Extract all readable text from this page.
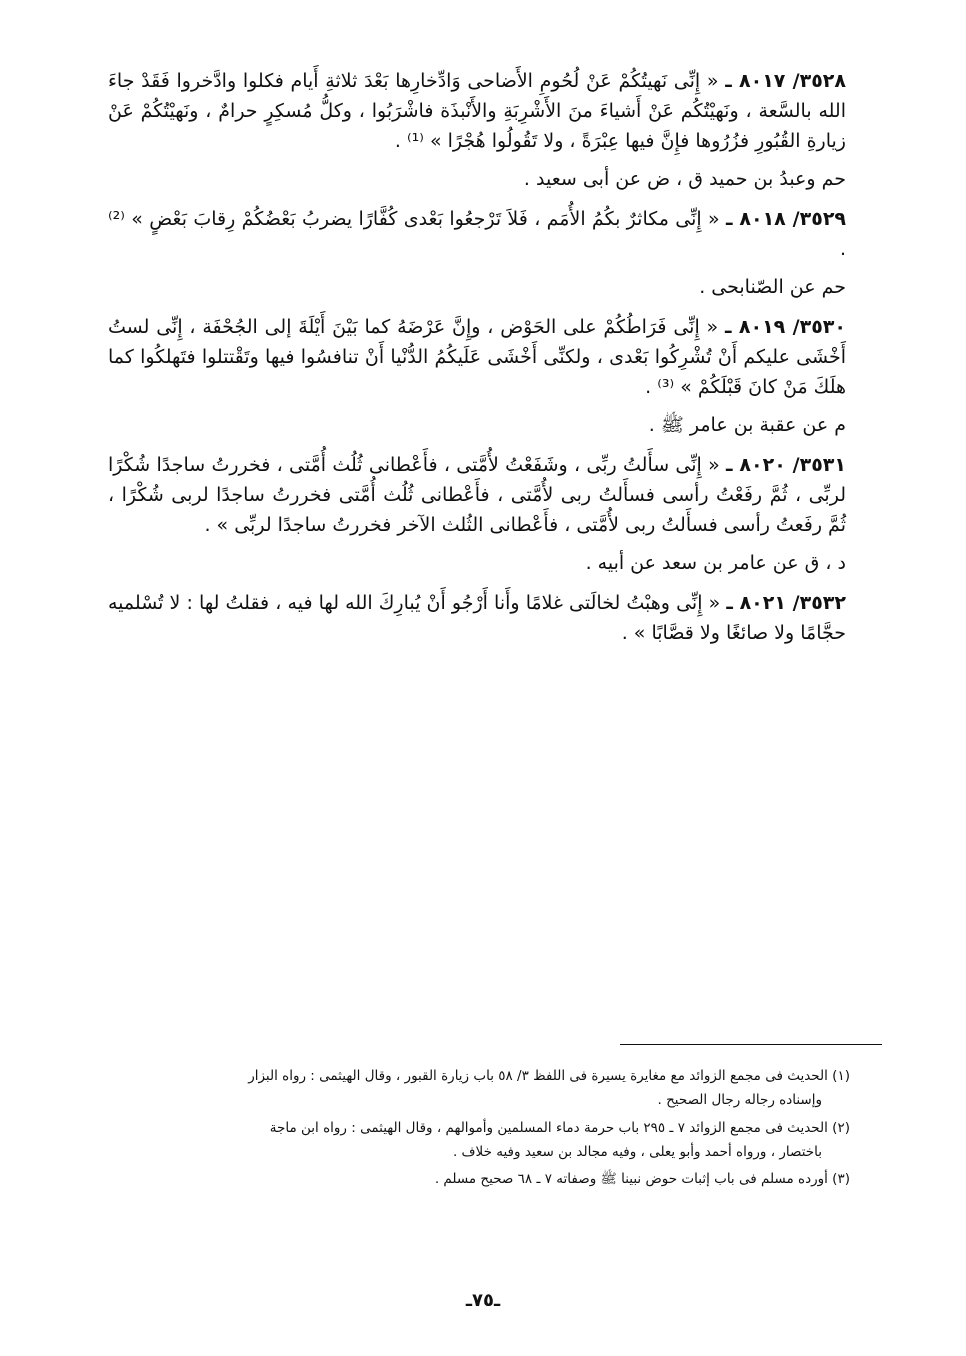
٣٥٢٨/ ٨٠١٧ ـ « إِنِّى نَهيتُكُمْ عَنْ لُحُومِ الأَضاحى وَادِّخارِها بَعْدَ ثلاثةِ أَيام فكلوا وادَّخروا فَقَدْ جاءَ الله بالسَّعة ، ونَهيْتُكُم عَنْ أَشياءَ منَ الأَشْرِبَةِ والأَنْبذَة فاشْرَبُوا ، وكلُّ مُسكِرٍ حرامٌ ، ونَهيْتُكُمْ عَنْ زيارةِ القُبُورِ فزُرُوها فإِنَّ فيها عِبْرَةً ، ولا تَقُولُوا هُجْرًا » ⁽¹⁾ .

حم وعبدُ بن حميد ق ، ض عن أبى سعيد .

٣٥٢٩/ ٨٠١٨ ـ « إِنِّى مكاثرٌ بكُمُ الأُمَم ، فَلاَ تَرْجعُوا بَعْدى كُفَّارًا يضربُ بَعْضُكُمْ رِقابَ بَعْضٍ » ⁽²⁾ .

حم عن الصّنابحى .

٣٥٣٠/ ٨٠١٩ ـ « إِنِّى فَرَاطُكُمْ على الحَوْض ، وإِنَّ عَرْضَهُ كما بَيْنَ أَيْلَةَ إلى الجُحْفَة ، إِنِّى لستُ أَخْشَى عليكم أَنْ تُشْرِكُوا بَعْدى ، ولكنِّى أَخْشَى عَلَيكُمُ الدُّنْيا أَنْ تنافسُوا فيها وتَقْتتلوا فتَهلكُوا كما هلَكَ مَنْ كانَ قَبْلَكُمْ » ⁽³⁾ .

م عن عقبة بن عامر ﷺ .

٣٥٣١/ ٨٠٢٠ ـ « إِنِّى سأَلتُ ربِّى ، وشَفَعْتُ لأُمَّتى ، فأَعْطانى ثُلُث أُمَّتى ، فخررتُ ساجدًا شُكْرًا لربِّى ، ثُمَّ رفَعْتُ رأسى فسأَلتُ ربى لأُمَّتى ، فأَعْطانى ثُلُث أُمَّتى فخررتُ ساجدًا لربى شُكْرًا ، ثُمَّ رفَعتُ رأسى فسأَلتُ ربى لأُمَّتى ، فأَعْطانى الثُلث الآخر فخررتُ ساجدًا لربِّى » .

د ، ق عن عامر بن سعد عن أبيه .

٣٥٣٢/ ٨٠٢١ ـ « إِنِّى وهبْتُ لخالَتى غلامًا وأَنا أَرْجُو أَنْ يُبارِكَ الله لها فيه ، فقلتُ لها : لا تُسْلميه حجَّامًا ولا صائغًا ولا قصَّابًا » .

(١) الحديث فى مجمع الزوائد مع مغايرة يسيرة فى اللفظ ٣/ ٥٨ باب زيارة القبور ، وقال الهيثمى : رواه البزار
وإسناده رجاله رجال الصحيح .

(٢) الحديث فى مجمع الزوائد ٧ ـ ٢٩٥ باب حرمة دماء المسلمين وأموالهم ، وقال الهيثمى : رواه ابن ماجة
باختصار ، ورواه أحمد وأبو يعلى ، وفيه مجالد بن سعيد وفيه خلاف .

(٣) أورده مسلم فى باب إثبات حوض نبينا ﷺ وصفاته ٧ ـ ٦٨ صحيح مسلم .

ـ٧٥ـ
